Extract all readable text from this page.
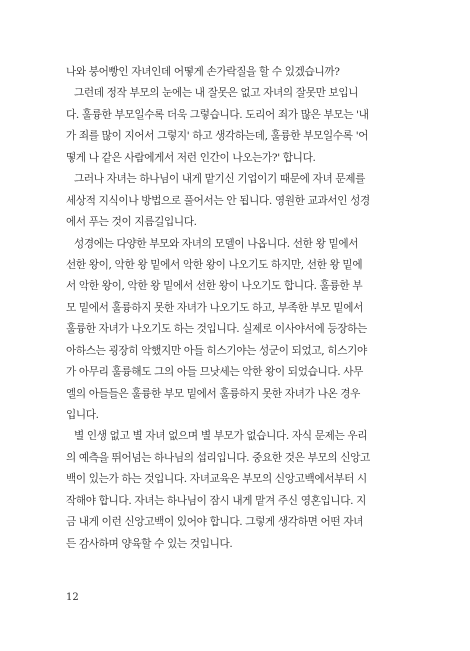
나와 붕어빵인 자녀인데 어떻게 손가락질을 할 수 있겠습니까?
그런데 정작 부모의 눈에는 내 잘못은 없고 자녀의 잘못만 보입니
다. 훌륭한 부모일수록 더욱 그렇습니다. 도리어 죄가 많은 부모는 '내
가 죄를 많이 지어서 그렇지' 하고 생각하는데, 훌륭한 부모일수록 '어
떻게 나 같은 사람에게서 저런 인간이 나오는가?' 합니다.
그러나 자녀는 하나님이 내게 맡기신 기업이기 때문에 자녀 문제를
세상적 지식이나 방법으로 풀어서는 안 됩니다. 영원한 교과서인 성경
에서 푸는 것이 지름길입니다.
성경에는 다양한 부모와 자녀의 모델이 나옵니다. 선한 왕 밑에서
선한 왕이, 악한 왕 밑에서 악한 왕이 나오기도 하지만, 선한 왕 밑에
서 악한 왕이, 악한 왕 밑에서 선한 왕이 나오기도 합니다. 훌륭한 부
모 밑에서 훌륭하지 못한 자녀가 나오기도 하고, 부족한 부모 밑에서
훌륭한 자녀가 나오기도 하는 것입니다. 실제로 이사야서에 등장하는
아하스는 굉장히 악했지만 아들 히스기야는 성군이 되었고, 히스기야
가 아무리 훌륭해도 그의 아들 므낫세는 악한 왕이 되었습니다. 사무
엘의 아들들은 훌륭한 부모 밑에서 훌륭하지 못한 자녀가 나온 경우
입니다.
별 인생 없고 별 자녀 없으며 별 부모가 없습니다. 자식 문제는 우리
의 예측을 뛰어넘는 하나님의 섭리입니다. 중요한 것은 부모의 신앙고
백이 있는가 하는 것입니다. 자녀교육은 부모의 신앙고백에서부터 시
작해야 합니다. 자녀는 하나님이 잠시 내게 맡겨 주신 영혼입니다. 지
금 내게 이런 신앙고백이 있어야 합니다. 그렇게 생각하면 어떤 자녀
든 감사하며 양육할 수 있는 것입니다.
12
